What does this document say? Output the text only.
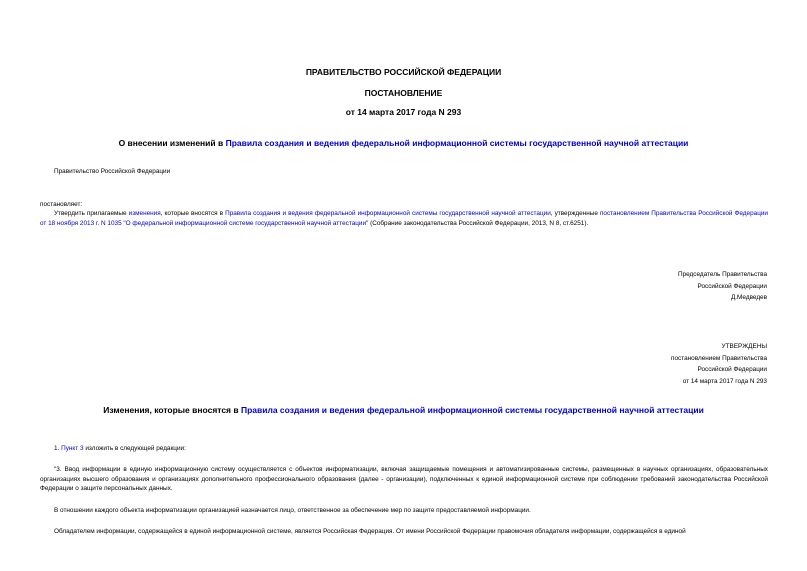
ПРАВИТЕЛЬСТВО РОССИЙСКОЙ ФЕДЕРАЦИИ
ПОСТАНОВЛЕНИЕ
от 14 марта 2017 года N 293
О внесении изменений в Правила создания и ведения федеральной информационной системы государственной научной аттестации
Правительство Российской Федерации
постановляет:
Утвердить прилагаемые изменения, которые вносятся в Правила создания и ведения федеральной информационной системы государственной научной аттестации, утвержденные постановлением Правительства Российской Федерации от 18 ноября 2013 г. N 1035 "О федеральной информационной системе государственной научной аттестации" (Собрание законодательства Российской Федерации, 2013, N 8, ст.6251).
Председатель Правительства
Российской Федерации
Д.Медведев
УТВЕРЖДЕНЫ
постановлением Правительства
Российской Федерации
от 14 марта 2017 года N 293
Изменения, которые вносятся в Правила создания и ведения федеральной информационной системы государственной научной аттестации
1. Пункт 3 изложить в следующей редакции:
"3. Ввод информации в единую информационную систему осуществляется с объектов информатизации, включая защищаемые помещения и автоматизированные системы, размещенных в научных организациях, образовательных организациях высшего образования и организациях дополнительного профессионального образования (далее - организации), подключенных к единой информационной системе при соблюдении требований законодательства Российской Федерации о защите персональных данных.
В отношении каждого объекта информатизации организацией назначается лицо, ответственное за обеспечение мер по защите предоставляемой информации.
Обладателем информации, содержащейся в единой информационной системе, является Российская Федерация. От имени Российской Федерации правомочия обладателя информации, содержащейся в единой
